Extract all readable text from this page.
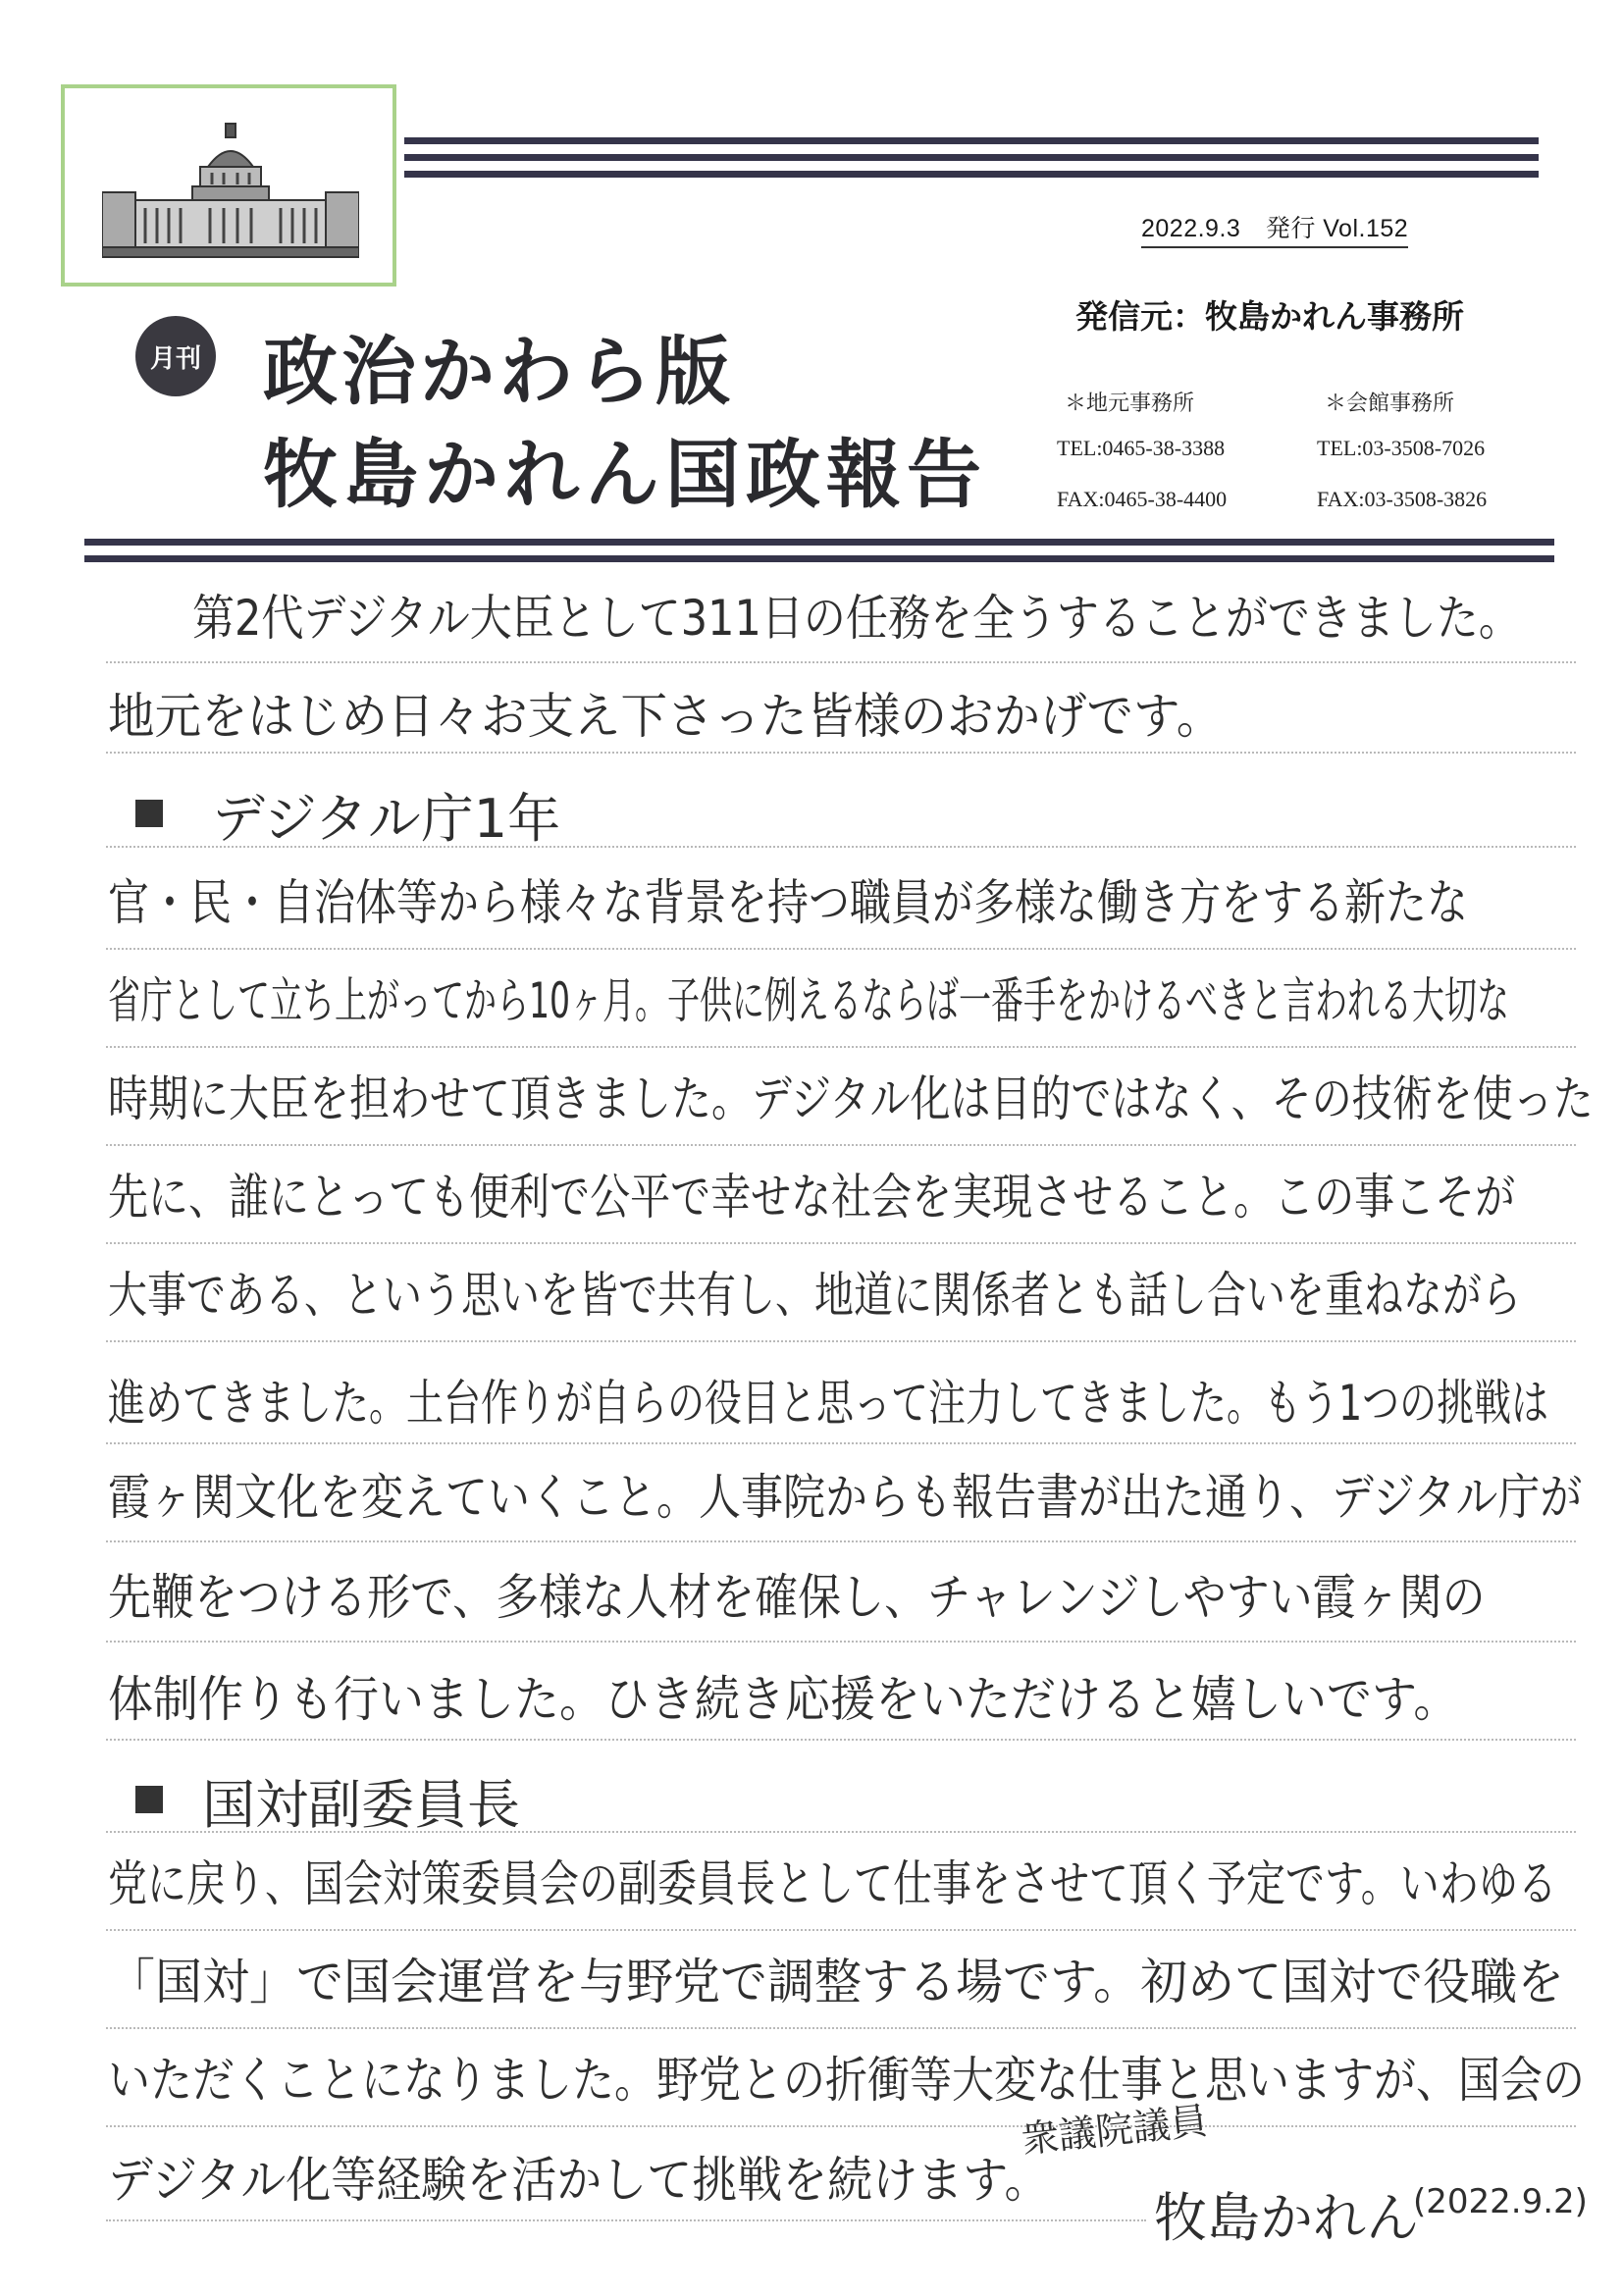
2022.9.3　発行 Vol.152
発信元：牧島かれん事務所
月刊 政治かわら版
牧島かれん国政報告
＊地元事務所
TEL:0465-38-3388
FAX:0465-38-4400
＊会館事務所
TEL:03-3508-7026
FAX:03-3508-3826
第2代デジタル大臣として311日の任務を全うすることができました。
地元をはじめ日々お支え下さった皆様のおかげです。
デジタル庁1年
官・民・自治体等から様々な背景を持つ職員が多様な働き方をする新たな
省庁として立ち上がってから10ヶ月。子供に例えるならば一番手をかけるべきと言われる大切な
時期に大臣を担わせて頂きました。デジタル化は目的ではなく、その技術を使った
先に、誰にとっても便利で公平で幸せな社会を実現させること。この事こそが
大事である、という思いを皆で共有し、地道に関係者とも話し合いを重ねながら
進めてきました。土台作りが自らの役目と思って注力してきました。もう1つの挑戦は
霞ヶ関文化を変えていくこと。人事院からも報告書が出た通り、デジタル庁が
先鞭をつける形で、多様な人材を確保し、チャレンジしやすい霞ヶ関の
体制作りも行いました。ひき続き応援をいただけると嬉しいです。
国対副委員長
党に戻り、国会対策委員会の副委員長として仕事をさせて頂く予定です。いわゆる
「国対」で国会運営を与野党で調整する場です。初めて国対で役職を
いただくことになりました。野党との折衝等大変な仕事と思いますが、国会の
デジタル化等経験を活かして挑戦を続けます。
衆議院議員
牧島かれん
(2022.9.2)
